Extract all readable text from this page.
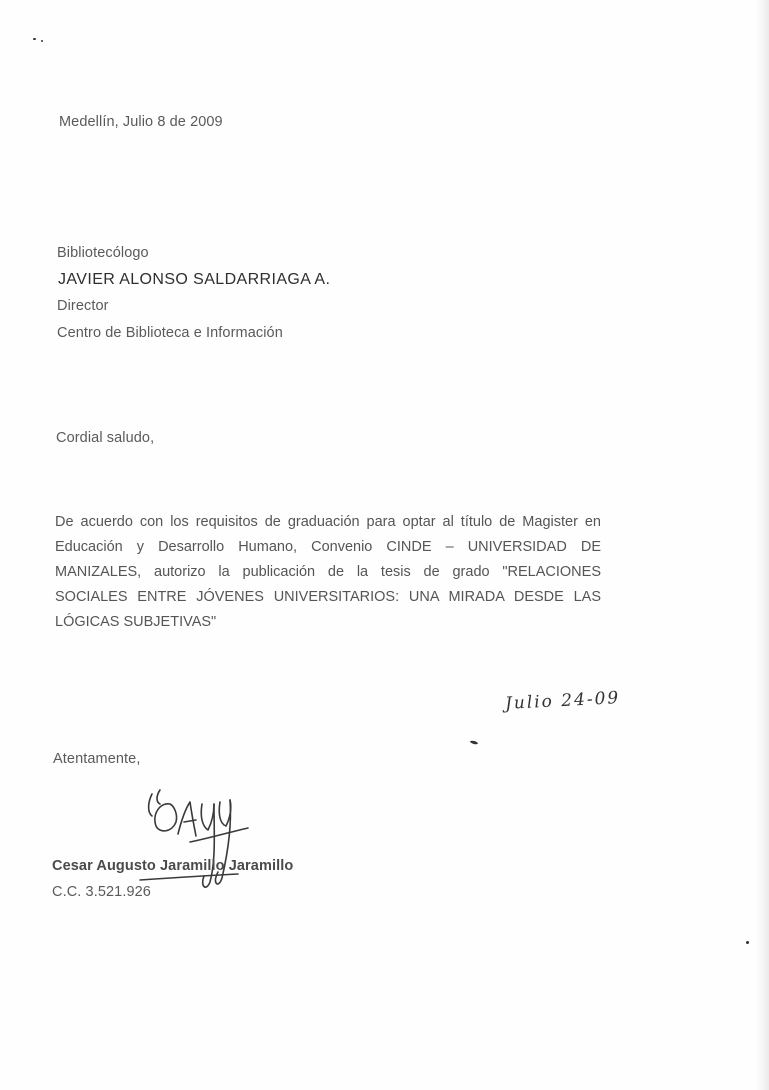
Medellín, Julio 8 de 2009
Bibliotecólogo
JAVIER ALONSO SALDARRIAGA A.
Director
Centro de Biblioteca e Información
Cordial saludo,
De acuerdo con los requisitos de graduación para optar al título de Magister en
Educación y Desarrollo Humano, Convenio CINDE – UNIVERSIDAD DE
MANIZALES, autorizo la publicación de la tesis de grado "RELACIONES
SOCIALES ENTRE JÓVENES UNIVERSITARIOS: UNA MIRADA DESDE LAS
LÓGICAS SUBJETIVAS"
Julio 24-09
Atentamente,
Cesar Augusto Jaramillo Jaramillo
C.C. 3.521.926
